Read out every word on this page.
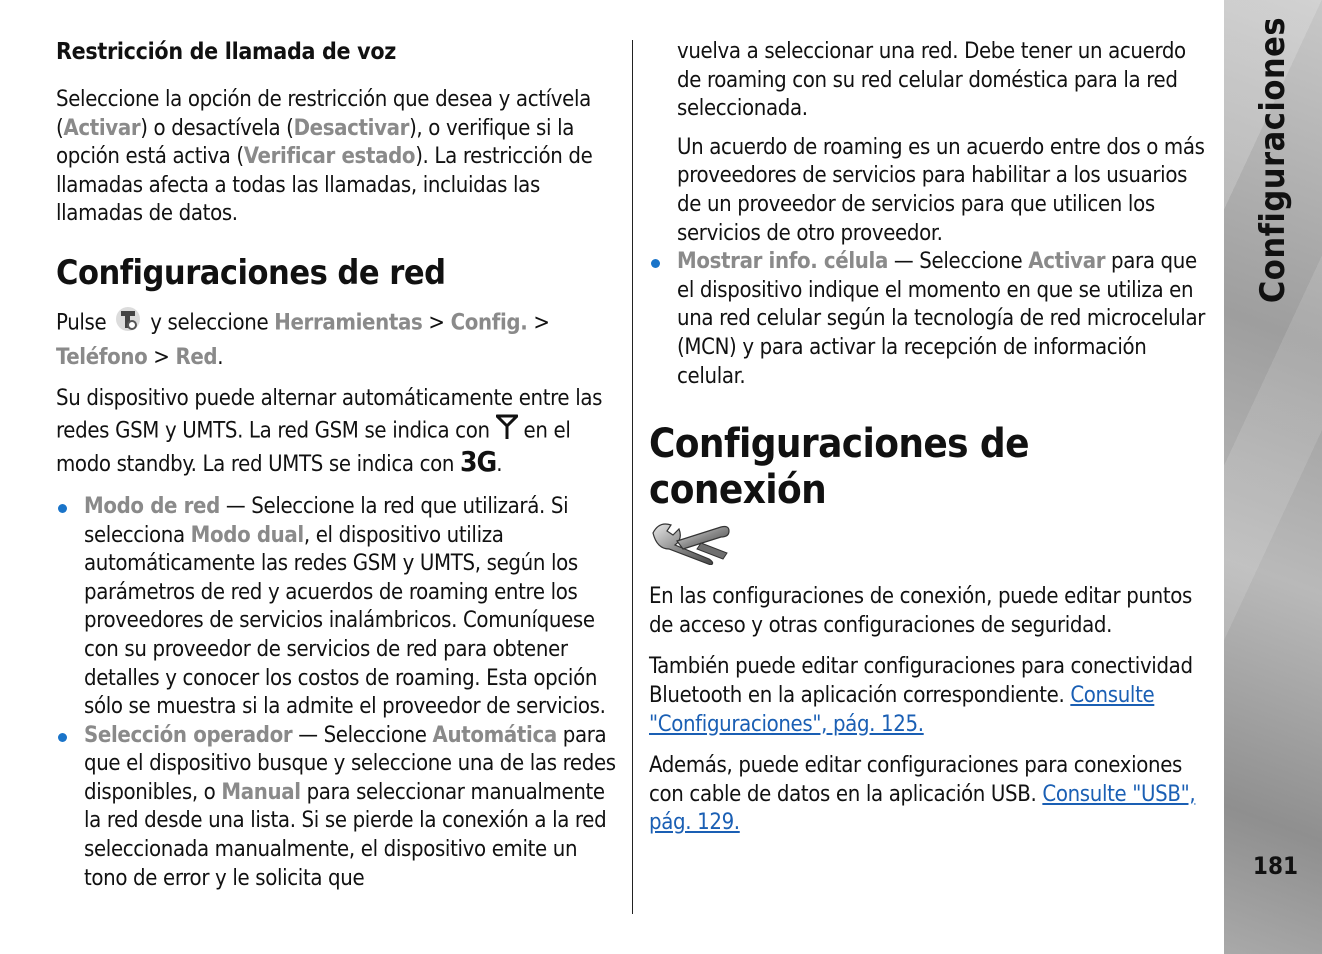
Restricción de llamada de voz

Seleccione la opción de restricción que desea y actívela (Activar) o desactívela (Desactivar), o verifique si la opción está activa (Verificar estado). La restricción de llamadas afecta a todas las llamadas, incluidas las llamadas de datos.

Configuraciones de red

Pulse y seleccione Herramientas > Config. > Teléfono > Red.

Su dispositivo puede alternar automáticamente entre las redes GSM y UMTS. La red GSM se indica con en el modo standby. La red UMTS se indica con 3G.

Modo de red — Seleccione la red que utilizará. Si selecciona Modo dual, el dispositivo utiliza automáticamente las redes GSM y UMTS, según los parámetros de red y acuerdos de roaming entre los proveedores de servicios inalámbricos. Comuníquese con su proveedor de servicios de red para obtener detalles y conocer los costos de roaming. Esta opción sólo se muestra si la admite el proveedor de servicios.
Selección operador — Seleccione Automática para que el dispositivo busque y seleccione una de las redes disponibles, o Manual para seleccionar manualmente la red desde una lista. Si se pierde la conexión a la red seleccionada manualmente, el dispositivo emite un tono de error y le solicita que

vuelva a seleccionar una red. Debe tener un acuerdo de roaming con su red celular doméstica para la red seleccionada.

Un acuerdo de roaming es un acuerdo entre dos o más proveedores de servicios para habilitar a los usuarios de un proveedor de servicios para que utilicen los servicios de otro proveedor.

Mostrar info. célula — Seleccione Activar para que el dispositivo indique el momento en que se utiliza en una red celular según la tecnología de red microcelular (MCN) y para activar la recepción de información celular.
Configuraciones de conexión

En las configuraciones de conexión, puede editar puntos de acceso y otras configuraciones de seguridad.

También puede editar configuraciones para conectividad Bluetooth en la aplicación correspondiente. Consulte
"Configuraciones", pág. 125.

Además, puede editar configuraciones para conexiones con cable de datos en la aplicación USB. Consulte "USB", pág. 129.

Configuraciones
181
